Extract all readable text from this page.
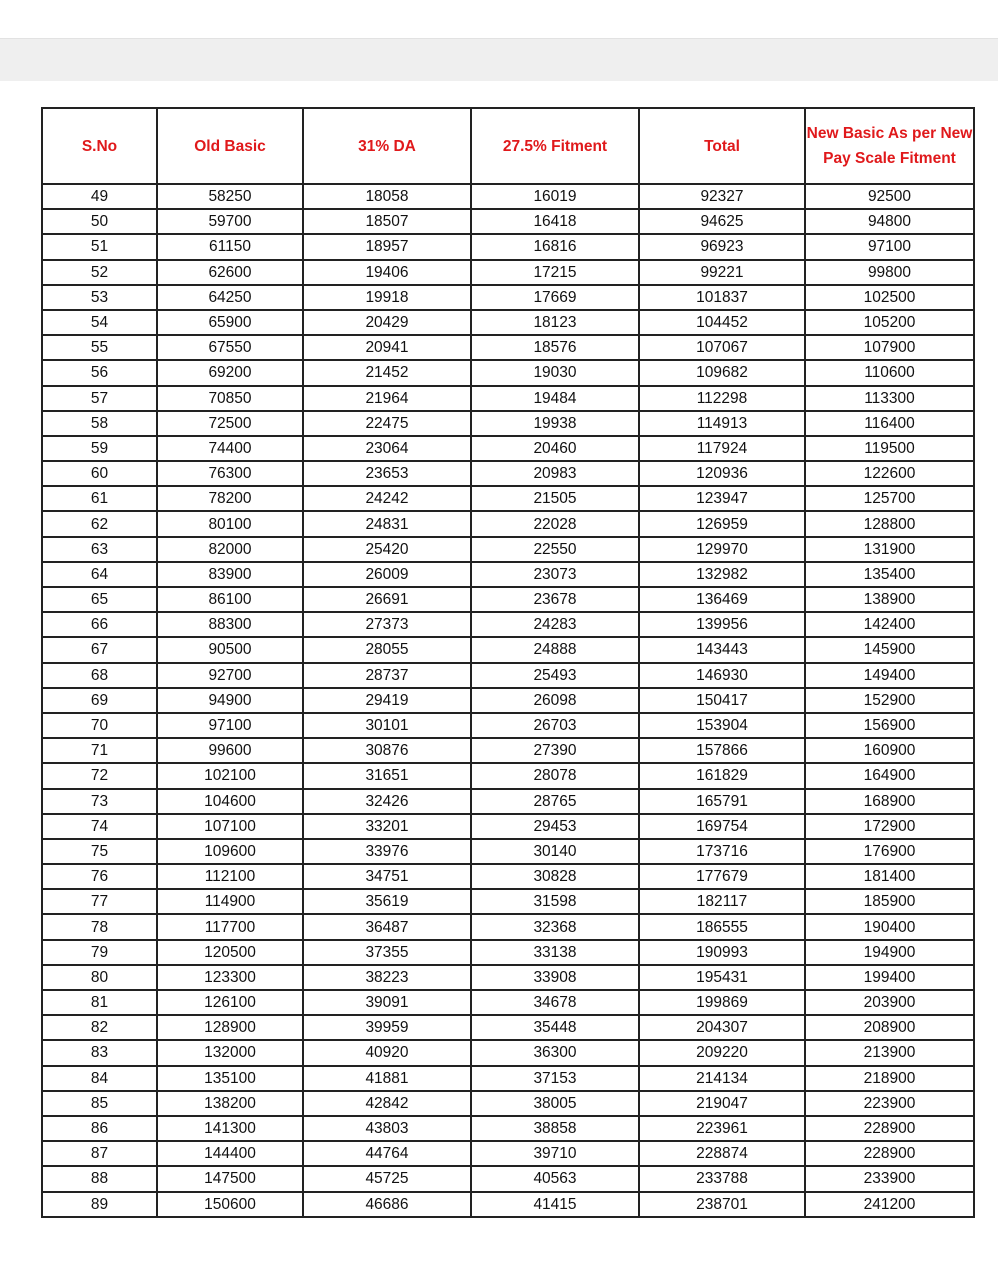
S.No	Old Basic	31% DA	27.5% Fitment	Total	New Basic As per New Pay Scale Fitment
49	58250	18058	16019	92327	92500
50	59700	18507	16418	94625	94800
51	61150	18957	16816	96923	97100
52	62600	19406	17215	99221	99800
53	64250	19918	17669	101837	102500
54	65900	20429	18123	104452	105200
55	67550	20941	18576	107067	107900
56	69200	21452	19030	109682	110600
57	70850	21964	19484	112298	113300
58	72500	22475	19938	114913	116400
59	74400	23064	20460	117924	119500
60	76300	23653	20983	120936	122600
61	78200	24242	21505	123947	125700
62	80100	24831	22028	126959	128800
63	82000	25420	22550	129970	131900
64	83900	26009	23073	132982	135400
65	86100	26691	23678	136469	138900
66	88300	27373	24283	139956	142400
67	90500	28055	24888	143443	145900
68	92700	28737	25493	146930	149400
69	94900	29419	26098	150417	152900
70	97100	30101	26703	153904	156900
71	99600	30876	27390	157866	160900
72	102100	31651	28078	161829	164900
73	104600	32426	28765	165791	168900
74	107100	33201	29453	169754	172900
75	109600	33976	30140	173716	176900
76	112100	34751	30828	177679	181400
77	114900	35619	31598	182117	185900
78	117700	36487	32368	186555	190400
79	120500	37355	33138	190993	194900
80	123300	38223	33908	195431	199400
81	126100	39091	34678	199869	203900
82	128900	39959	35448	204307	208900
83	132000	40920	36300	209220	213900
84	135100	41881	37153	214134	218900
85	138200	42842	38005	219047	223900
86	141300	43803	38858	223961	228900
87	144400	44764	39710	228874	228900
88	147500	45725	40563	233788	233900
89	150600	46686	41415	238701	241200
